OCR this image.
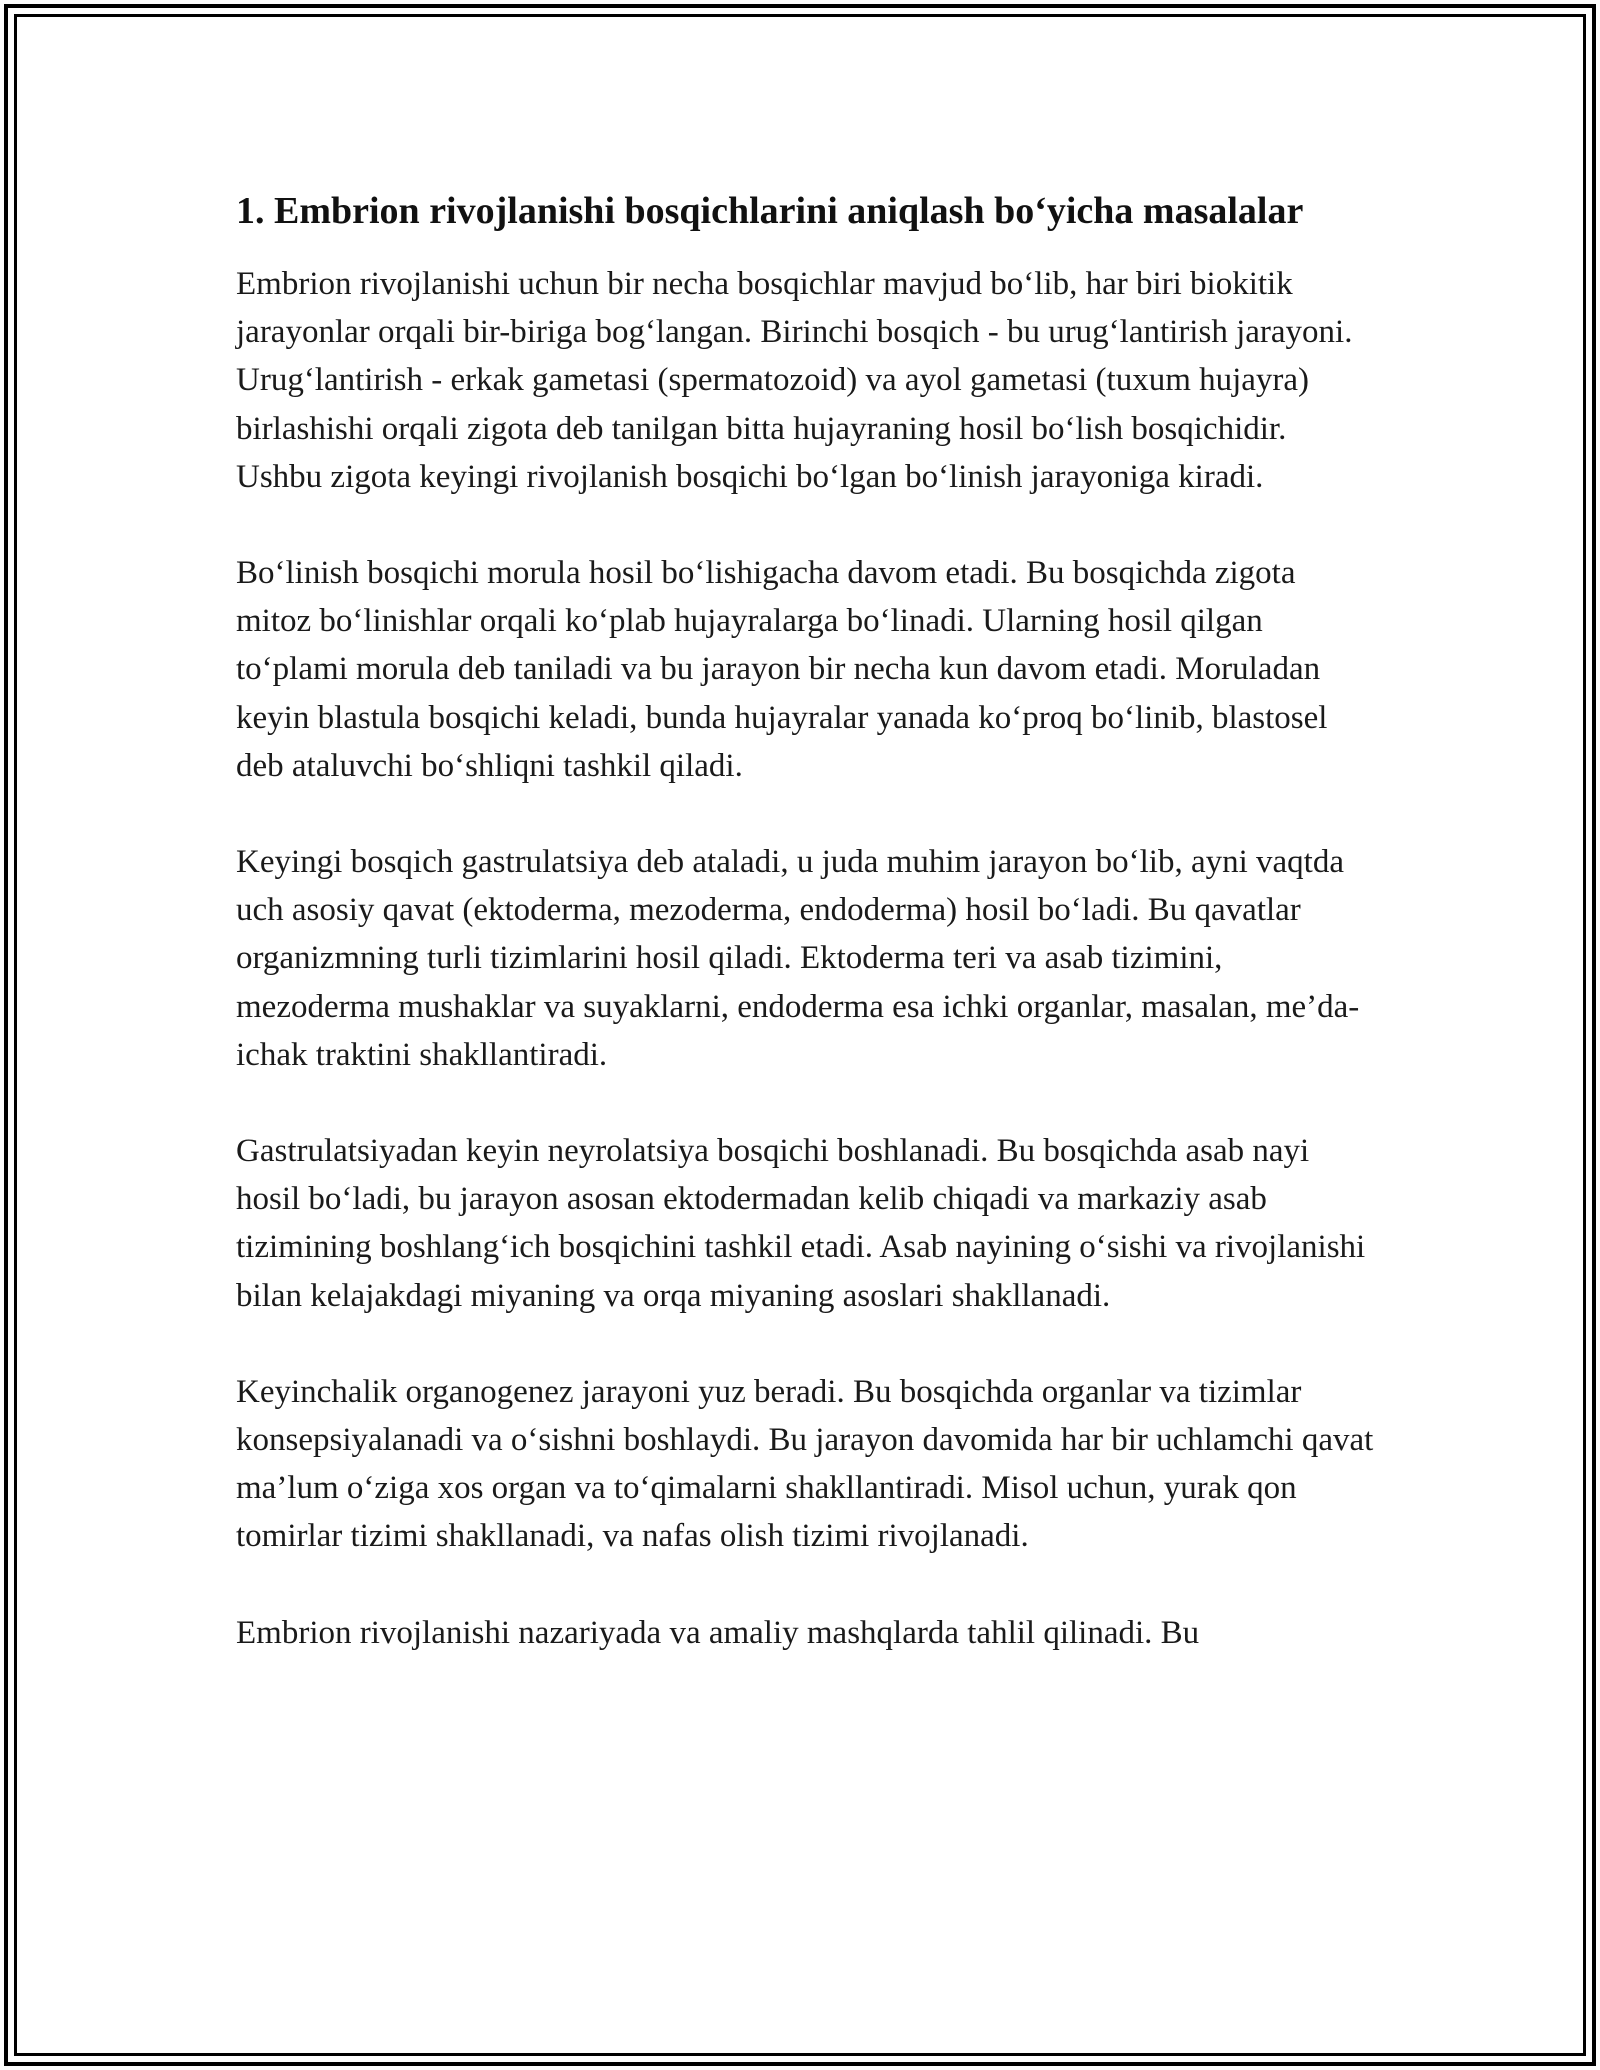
1. Embrion rivojlanishi bosqichlarini aniqlash bo‘yicha masalalar

Embrion rivojlanishi uchun bir necha bosqichlar mavjud bo‘lib, har biri biokitik jarayonlar orqali bir-biriga bog‘langan. Birinchi bosqich - bu urug‘lantirish jarayoni. Urug‘lantirish - erkak gametasi (spermatozoid) va ayol gametasi (tuxum hujayra) birlashishi orqali zigota deb tanilgan bitta hujayraning hosil bo‘lish bosqichidir. Ushbu zigota keyingi rivojlanish bosqichi bo‘lgan bo‘linish jarayoniga kiradi.

Bo‘linish bosqichi morula hosil bo‘lishigacha davom etadi. Bu bosqichda zigota mitoz bo‘linishlar orqali ko‘plab hujayralarga bo‘linadi. Ularning hosil qilgan to‘plami morula deb taniladi va bu jarayon bir necha kun davom etadi. Moruladan keyin blastula bosqichi keladi, bunda hujayralar yanada ko‘proq bo‘linib, blastosel deb ataluvchi bo‘shliqni tashkil qiladi.

Keyingi bosqich gastrulatsiya deb ataladi, u juda muhim jarayon bo‘lib, ayni vaqtda uch asosiy qavat (ektoderma, mezoderma, endoderma) hosil bo‘ladi. Bu qavatlar organizmning turli tizimlarini hosil qiladi. Ektoderma teri va asab tizimini, mezoderma mushaklar va suyaklarni, endoderma esa ichki organlar, masalan, me’da-ichak traktini shakllantiradi.

Gastrulatsiyadan keyin neyrolatsiya bosqichi boshlanadi. Bu bosqichda asab nayi hosil bo‘ladi, bu jarayon asosan ektodermadan kelib chiqadi va markaziy asab tizimining boshlang‘ich bosqichini tashkil etadi. Asab nayining o‘sishi va rivojlanishi bilan kelajakdagi miyaning va orqa miyaning asoslari shakllanadi.

Keyinchalik organogenez jarayoni yuz beradi. Bu bosqichda organlar va tizimlar konsepsiyalanadi va o‘sishni boshlaydi. Bu jarayon davomida har bir uchlamchi qavat ma’lum o‘ziga xos organ va to‘qimalarni shakllantiradi. Misol uchun, yurak qon tomirlar tizimi shakllanadi, va nafas olish tizimi rivojlanadi.

Embrion rivojlanishi nazariyada va amaliy mashqlarda tahlil qilinadi. Bu
